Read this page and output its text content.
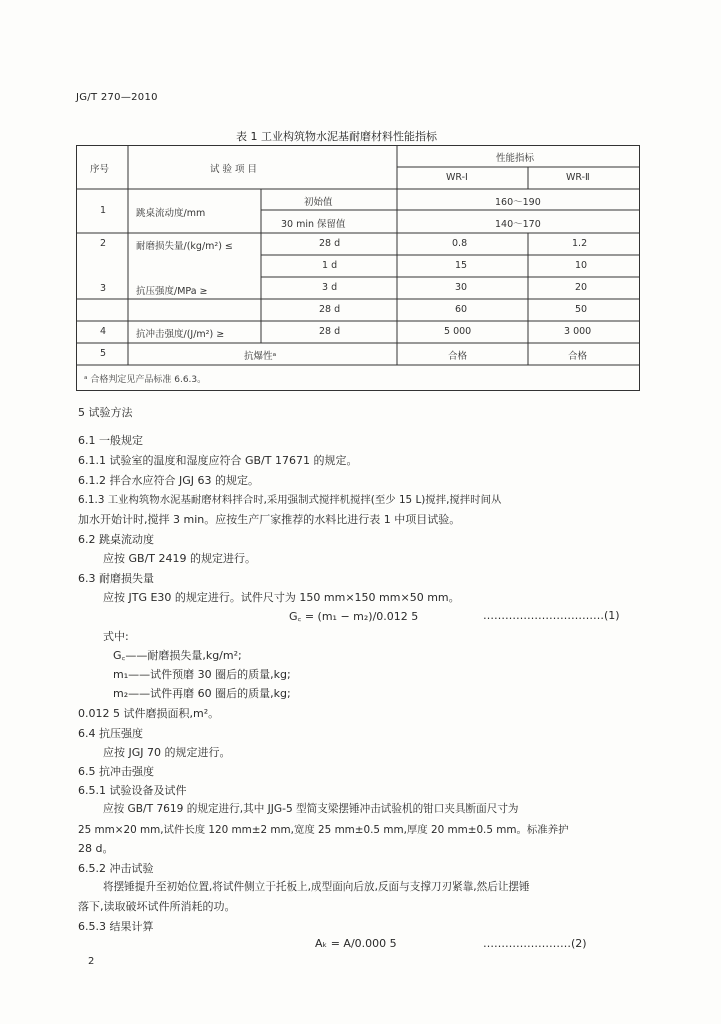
JG/T 270—2010
表 1 工业构筑物水泥基耐磨材料性能指标
序号	试 验 项 目
性能指标
WR-Ⅰ	WR-Ⅱ
1	跳桌流动度/mm
初始值	160～190
30 min 保留值	140～170
2	耐磨损失量/(kg/m²) ≤	28 d	0.8	1.2
3	抗压强度/MPa ≥
1 d	15	10
3 d	30	20
28 d	60	50
4	抗冲击强度/(J/m²) ≥	28 d	5 000	3 000
5	抗爆性ᵃ	合格	合格
ᵃ 合格判定见产品标准 6.6.3。
5 试验方法
6.1 一般规定
6.1.1 试验室的温度和湿度应符合 GB/T 17671 的规定。
6.1.2 拌合水应符合 JGJ 63 的规定。
6.1.3 工业构筑物水泥基耐磨材料拌合时,采用强制式搅拌机搅拌(至少 15 L)搅拌,搅拌时间从
加水开始计时,搅拌 3 min。应按生产厂家推荐的水料比进行表 1 中项目试验。
6.2 跳桌流动度
应按 GB/T 2419 的规定进行。
6.3 耐磨损失量
应按 JTG E30 的规定进行。试件尺寸为 150 mm×150 mm×50 mm。
G꜀ = (m₁ − m₂)/0.012 5	……………………………(1)
式中:
G꜀——耐磨损失量,kg/m²;
m₁——试件预磨 30 圈后的质量,kg;
m₂——试件再磨 60 圈后的质量,kg;
0.012 5 试件磨损面积,m²。
6.4 抗压强度
应按 JGJ 70 的规定进行。
6.5 抗冲击强度
6.5.1 试验设备及试件
应按 GB/T 7619 的规定进行,其中 JJG-5 型简支梁摆锤冲击试验机的钳口夹具断面尺寸为
25 mm×20 mm,试件长度 120 mm±2 mm,宽度 25 mm±0.5 mm,厚度 20 mm±0.5 mm。标准养护
28 d。
6.5.2 冲击试验
将摆锤提升至初始位置,将试件侧立于托板上,成型面向后放,反面与支撑刀刃紧靠,然后让摆锤
落下,读取破坏试件所消耗的功。
6.5.3 结果计算
Aₖ = A/0.000 5	……………………(2)
2
